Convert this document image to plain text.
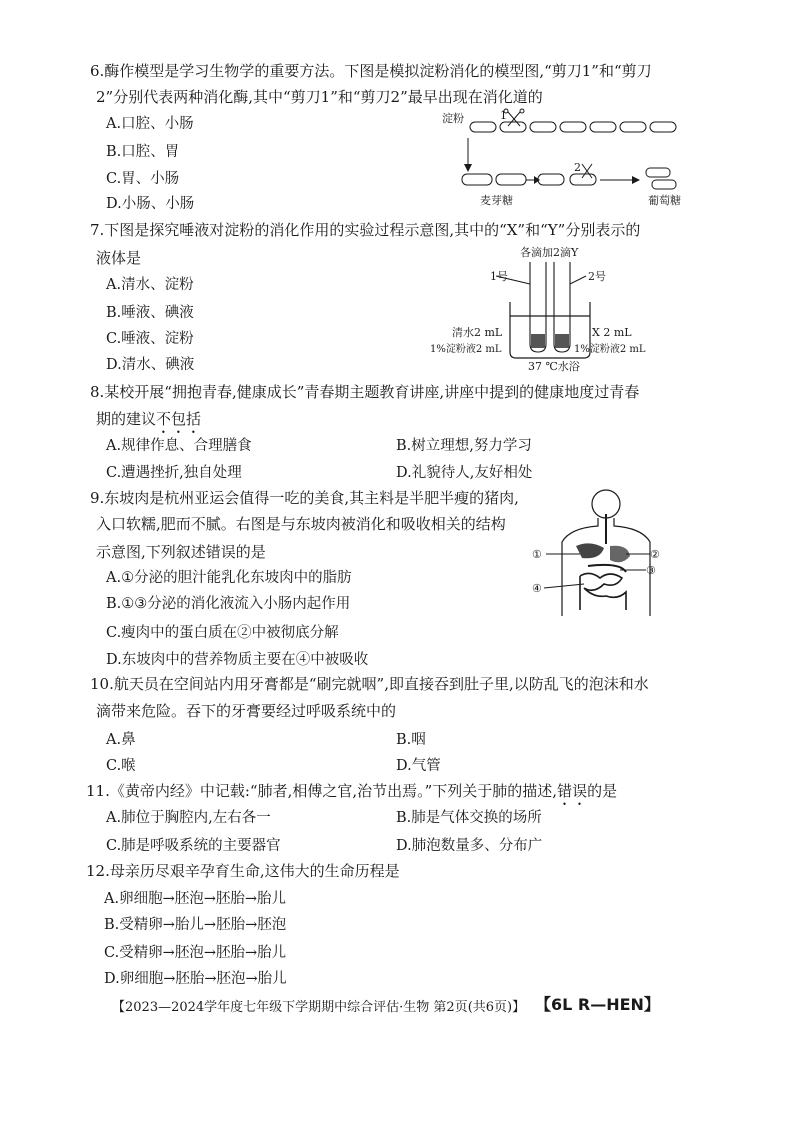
6.酶作模型是学习生物学的重要方法。下图是模拟淀粉消化的模型图,“剪刀1”和“剪刀
2”分别代表两种消化酶,其中“剪刀1”和“剪刀2”最早出现在消化道的
A.口腔、小肠
B.口腔、胃
C.胃、小肠
D.小肠、小肠
淀粉	1
2
麦芽糖	葡萄糖
7.下图是探究唾液对淀粉的消化作用的实验过程示意图,其中的“X”和“Y”分别表示的
液体是
A.清水、淀粉
B.唾液、碘液
C.唾液、淀粉
D.清水、碘液
各滴加2滴Y
1号	2号
清水2 mL	X 2 mL
1%淀粉液2 mL	1%淀粉液2 mL
37 ℃水浴
8.某校开展“拥抱青春,健康成长”青春期主题教育讲座,讲座中提到的健康地度过青春
期的建议不包括
A.规律作息、合理膳食	B.树立理想,努力学习
C.遭遇挫折,独自处理	D.礼貌待人,友好相处
9.东坡肉是杭州亚运会值得一吃的美食,其主料是半肥半瘦的猪肉,
入口软糯,肥而不腻。右图是与东坡肉被消化和吸收相关的结构
示意图,下列叙述错误的是
A.①分泌的胆汁能乳化东坡肉中的脂肪
B.①③分泌的消化液流入小肠内起作用
C.瘦肉中的蛋白质在②中被彻底分解
D.东坡肉中的营养物质主要在④中被吸收
①	②
③
④
10.航天员在空间站内用牙膏都是“刷完就咽”,即直接吞到肚子里,以防乱飞的泡沫和水
滴带来危险。吞下的牙膏要经过呼吸系统中的
A.鼻	B.咽
C.喉	D.气管
11.《黄帝内经》中记载:“肺者,相傅之官,治节出焉。”下列关于肺的描述,错误的是
A.肺位于胸腔内,左右各一	B.肺是气体交换的场所
C.肺是呼吸系统的主要器官	D.肺泡数量多、分布广
12.母亲历尽艰辛孕育生命,这伟大的生命历程是
A.卵细胞→胚泡→胚胎→胎儿
B.受精卵→胎儿→胚胎→胚泡
C.受精卵→胚泡→胚胎→胎儿
D.卵细胞→胚胎→胚泡→胎儿
【2023—2024学年度七年级下学期期中综合评估·生物 第2页(共6页)】 【6L R—HEN】
